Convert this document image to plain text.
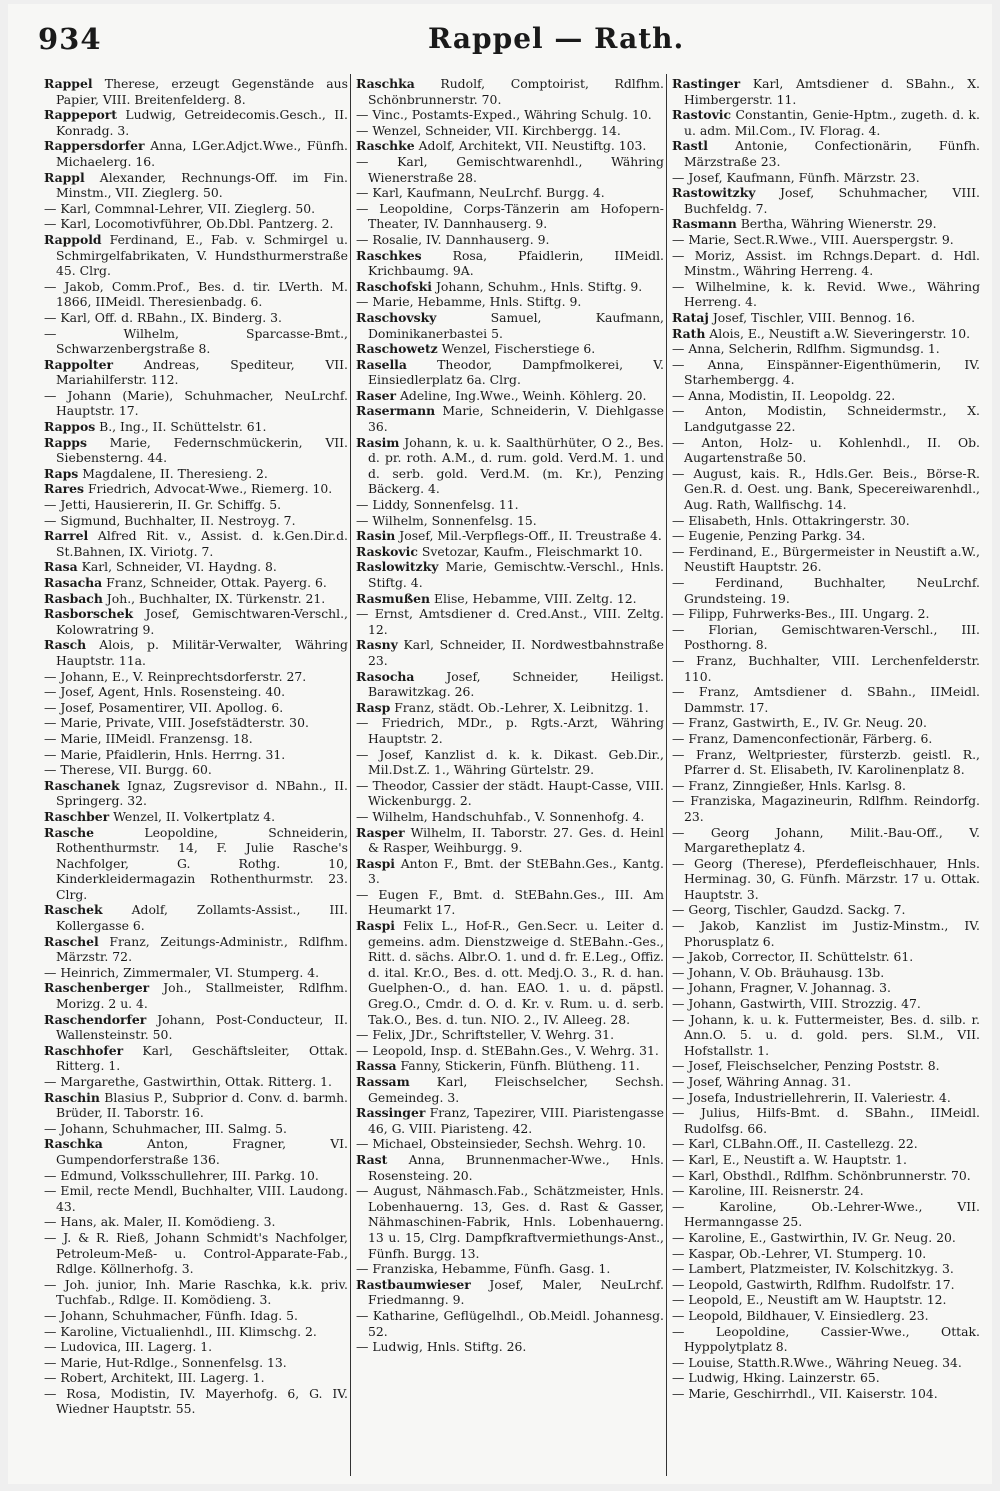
934	Rappel — Rath.

Rappel Therese, erzeugt Gegenstände aus Papier, VIII. Breitenfelderg. 8.

Rappeport Ludwig, Getreidecomis.Gesch., II. Konradg. 3.

Rappersdorfer Anna, LGer.Adjct.Wwe., Fünfh. Michaelerg. 16.

Rappl Alexander, Rechnungs-Off. im Fin. Minstm., VII. Zieglerg. 50.

— Karl, Commnal-Lehrer, VII. Zieglerg. 50.

— Karl, Locomotivführer, Ob.Dbl. Pantzerg. 2.

Rappold Ferdinand, E., Fab. v. Schmirgel u. Schmirgelfabrikaten, V. Hundsthurmerstraße 45. Clrg.

— Jakob, Comm.Prof., Bes. d. tir. LVerth. M. 1866, IIMeidl. Theresienbadg. 6.

— Karl, Off. d. RBahn., IX. Binderg. 3.

— Wilhelm, Sparcasse-Bmt., Schwarzenbergstraße 8.

Rappolter Andreas, Spediteur, VII. Mariahilferstr. 112.

— Johann (Marie), Schuhmacher, NeuLrchf. Hauptstr. 17.

Rappos B., Ing., II. Schüttelstr. 61.

Rapps Marie, Federnschmückerin, VII. Siebensterng. 44.

Raps Magdalene, II. Theresieng. 2.

Rares Friedrich, Advocat-Wwe., Riemerg. 10.

— Jetti, Hausiererin, II. Gr. Schiffg. 5.

— Sigmund, Buchhalter, II. Nestroyg. 7.

Rarrel Alfred Rit. v., Assist. d. k.Gen.Dir.d. St.Bahnen, IX. Viriotg. 7.

Rasa Karl, Schneider, VI. Haydng. 8.

Rasacha Franz, Schneider, Ottak. Payerg. 6.

Rasbach Joh., Buchhalter, IX. Türkenstr. 21.

Rasborschek Josef, Gemischtwaren-Verschl., Kolowratring 9.

Rasch Alois, p. Militär-Verwalter, Währing Hauptstr. 11a.

— Johann, E., V. Reinprechtsdorferstr. 27.

— Josef, Agent, Hnls. Rosensteing. 40.

— Josef, Posamentirer, VII. Apollog. 6.

— Marie, Private, VIII. Josefstädterstr. 30.

— Marie, IIMeidl. Franzensg. 18.

— Marie, Pfaidlerin, Hnls. Herrng. 31.

— Therese, VII. Burgg. 60.

Raschanek Ignaz, Zugsrevisor d. NBahn., II. Springerg. 32.

Raschber Wenzel, II. Volkertplatz 4.

Rasche	Leopoldine, Schneiderin, Rothenthurmstr. 14, F. Julie Rasche's Nachfolger, G. Rothg. 10, Kinderkleidermagazin Rothenthurmstr. 23. Clrg.

Raschek Adolf, Zollamts-Assist., III. Kollergasse 6.

Raschel Franz, Zeitungs-Administr., Rdlfhm. Märzstr. 72.

— Heinrich, Zimmermaler, VI. Stumperg. 4.

Raschenberger Joh., Stallmeister, Rdlfhm. Morizg. 2 u. 4.

Raschendorfer Johann, Post-Conducteur, II. Wallensteinstr. 50.

Raschhofer Karl, Geschäftsleiter, Ottak. Ritterg. 1.

— Margarethe, Gastwirthin, Ottak. Ritterg. 1.

Raschin Blasius P., Subprior d. Conv. d. barmh. Brüder, II. Taborstr. 16.

— Johann, Schuhmacher, III. Salmg. 5.

Raschka	Anton, Fragner, VI. Gumpendorferstraße 136.

— Edmund, Volksschullehrer, III. Parkg. 10.

— Emil, recte Mendl, Buchhalter, VIII. Laudong. 43.

— Hans, ak. Maler, II. Komödieng. 3.

— J. & R. Rieß, Johann Schmidt's Nachfolger, Petroleum-Meß- u. Control-Apparate-Fab., Rdlge. Köllnerhofg. 3.

— Joh. junior, Inh. Marie Raschka, k.k. priv. Tuchfab., Rdlge. II. Komödieng. 3.

— Johann, Schuhmacher, Fünfh. Idag. 5.

— Karoline, Victualienhdl., III. Klimschg. 2.

— Ludovica, III. Lagerg. 1.

— Marie, Hut-Rdlge., Sonnenfelsg. 13.

— Robert, Architekt, III. Lagerg. 1.

— Rosa, Modistin, IV. Mayerhofg. 6, G. IV. Wiedner Hauptstr. 55.

Raschka Rudolf, Comptoirist, Rdlfhm. Schönbrunnerstr. 70.

— Vinc., Postamts-Exped., Währing Schulg. 10.

— Wenzel, Schneider, VII. Kirchbergg. 14.

Raschke Adolf, Architekt, VII. Neustiftg. 103.

— Karl, Gemischtwarenhdl., Währing Wienerstraße 28.

— Karl, Kaufmann, NeuLrchf. Burgg. 4.

— Leopoldine, Corps-Tänzerin am Hofopern-Theater, IV. Dannhauserg. 9.

— Rosalie, IV. Dannhauserg. 9.

Raschkes	Rosa, Pfaidlerin, IIMeidl. Krichbaumg. 9A.

Raschofski Johann, Schuhm., Hnls. Stiftg. 9.

— Marie, Hebamme, Hnls. Stiftg. 9.

Raschovsky	Samuel, Kaufmann, Dominikanerbastei 5.

Raschowetz Wenzel, Fischerstiege 6.

Rasella Theodor, Dampfmolkerei, V. Einsiedlerplatz 6a. Clrg.

Raser Adeline, Ing.Wwe., Weinh. Köhlerg. 20.

Rasermann Marie, Schneiderin, V. Diehlgasse 36.

Rasim Johann, k. u. k. Saalthürhüter, O 2., Bes. d. pr. roth. A.M., d. rum. gold. Verd.M. 1. und d. serb. gold. Verd.M. (m. Kr.), Penzing Bäckerg. 4.

— Liddy, Sonnenfelsg. 11.

— Wilhelm, Sonnenfelsg. 15.

Rasin Josef, Mil.-Verpflegs-Off., II. Treustraße 4.

Raskovic Svetozar, Kaufm., Fleischmarkt 10.

Raslowitzky Marie, Gemischtw.-Verschl., Hnls. Stiftg. 4.

Rasmußen Elise, Hebamme, VIII. Zeltg. 12.

— Ernst, Amtsdiener d. Cred.Anst., VIII. Zeltg. 12.

Rasny Karl, Schneider, II. Nordwestbahnstraße 23.

Rasocha	Josef, Schneider, Heiligst. Barawitzkag. 26.

Rasp Franz, städt. Ob.-Lehrer, X. Leibnitzg. 1.

— Friedrich, MDr., p. Rgts.-Arzt, Währing Hauptstr. 2.

— Josef, Kanzlist d. k. k. Dikast. Geb.Dir., Mil.Dst.Z. 1., Währing Gürtelstr. 29.

— Theodor, Cassier der städt. Haupt-Casse, VIII. Wickenburgg. 2.

— Wilhelm, Handschuhfab., V. Sonnenhofg. 4.

Rasper Wilhelm, II. Taborstr. 27. Ges. d. Heinl & Rasper, Weihburgg. 9.

Raspi Anton F., Bmt. der StEBahn.Ges., Kantg. 3.

— Eugen F., Bmt. d. StEBahn.Ges., III. Am Heumarkt 17.

Raspi Felix L., Hof-R., Gen.Secr. u. Leiter d. gemeins. adm. Dienstzweige d. StEBahn.-Ges., Ritt. d. sächs. Albr.O. 1. und d. fr. E.Leg., Offiz. d. ital. Kr.O., Bes. d. ott. Medj.O. 3., R. d. han. Guelphen-O., d. han. EAO. 1. u. d. päpstl. Greg.O., Cmdr. d. O. d. Kr. v. Rum. u. d. serb. Tak.O., Bes. d. tun. NIO. 2., IV. Alleeg. 28.

— Felix, JDr., Schriftsteller, V. Wehrg. 31.

— Leopold, Insp. d. StEBahn.Ges., V. Wehrg. 31.

Rassa Fanny, Stickerin, Fünfh. Blütheng. 11.

Rassam Karl, Fleischselcher, Sechsh. Gemeindeg. 3.

Rassinger Franz, Tapezirer, VIII. Piaristengasse 46, G. VIII. Piaristeng. 42.

— Michael, Obsteinsieder, Sechsh. Wehrg. 10.

Rast Anna, Brunnenmacher-Wwe., Hnls. Rosensteing. 20.

— August, Nähmasch.Fab., Schätzmeister, Hnls. Lobenhauerng. 13, Ges. d. Rast & Gasser, Nähmaschinen-Fabrik, Hnls. Lobenhauerng. 13 u. 15, Clrg. Dampfkraftvermiethungs-Anst., Fünfh. Burgg. 13.

— Franziska, Hebamme, Fünfh. Gasg. 1.

Rastbaumwieser Josef, Maler, NeuLrchf. Friedmanng. 9.

— Katharine, Geflügelhdl., Ob.Meidl. Johannesg. 52.

— Ludwig, Hnls. Stiftg. 26.

Rastinger Karl, Amtsdiener d. SBahn., X. Himbergerstr. 11.

Rastovic Constantin, Genie-Hptm., zugeth. d. k. u. adm. Mil.Com., IV. Florag. 4.

Rastl Antonie, Confectionärin, Fünfh. Märzstraße 23.

— Josef, Kaufmann, Fünfh. Märzstr. 23.

Rastowitzky Josef, Schuhmacher, VIII. Buchfeldg. 7.

Rasmann Bertha, Währing Wienerstr. 29.

— Marie, Sect.R.Wwe., VIII. Auerspergstr. 9.

— Moriz, Assist. im Rchngs.Depart. d. Hdl. Minstm., Währing Herreng. 4.

— Wilhelmine, k. k. Revid. Wwe., Währing Herreng. 4.

Rataj Josef, Tischler, VIII. Bennog. 16.

Rath Alois, E., Neustift a.W. Sieveringerstr. 10.

— Anna, Selcherin, Rdlfhm. Sigmundsg. 1.

— Anna, Einspänner-Eigenthümerin, IV. Starhembergg. 4.

— Anna, Modistin, II. Leopoldg. 22.

— Anton, Modistin, Schneidermstr., X. Landgutgasse 22.

— Anton, Holz- u. Kohlenhdl., II. Ob. Augartenstraße 50.

— August, kais. R., Hdls.Ger. Beis., Börse-R. Gen.R. d. Oest. ung. Bank, Specereiwarenhdl., Aug. Rath, Wallfischg. 14.

— Elisabeth, Hnls. Ottakringerstr. 30.

— Eugenie, Penzing Parkg. 34.

— Ferdinand, E., Bürgermeister in Neustift a.W., Neustift Hauptstr. 26.

— Ferdinand, Buchhalter, NeuLrchf. Grundsteing. 19.

— Filipp, Fuhrwerks-Bes., III. Ungarg. 2.

— Florian, Gemischtwaren-Verschl., III. Posthorng. 8.

— Franz, Buchhalter, VIII. Lerchenfelderstr. 110.

— Franz, Amtsdiener d. SBahn., IIMeidl. Dammstr. 17.

— Franz, Gastwirth, E., IV. Gr. Neug. 20.

— Franz, Damenconfectionär, Färberg. 6.

— Franz, Weltpriester, fürsterzb. geistl. R., Pfarrer d. St. Elisabeth, IV. Karolinenplatz 8.

— Franz, Zinngießer, Hnls. Karlsg. 8.

— Franziska, Magazineurin, Rdlfhm. Reindorfg. 23.

— Georg Johann, Milit.-Bau-Off., V. Margaretheplatz 4.

— Georg (Therese), Pferdefleischhauer, Hnls. Herminag. 30, G. Fünfh. Märzstr. 17 u. Ottak. Hauptstr. 3.

— Georg, Tischler, Gaudzd. Sackg. 7.

— Jakob, Kanzlist im Justiz-Minstm., IV. Phorusplatz 6.

— Jakob, Corrector, II. Schüttelstr. 61.

— Johann, V. Ob. Bräuhausg. 13b.

— Johann, Fragner, V. Johannag. 3.

— Johann, Gastwirth, VIII. Strozzig. 47.

— Johann, k. u. k. Futtermeister, Bes. d. silb. r. Ann.O. 5. u. d. gold. pers. Sl.M., VII. Hofstallstr. 1.

— Josef, Fleischselcher, Penzing Poststr. 8.

— Josef, Währing Annag. 31.

— Josefa, Industriellehrerin, II. Valeriestr. 4.

— Julius, Hilfs-Bmt. d. SBahn., IIMeidl. Rudolfsg. 66.

— Karl, CLBahn.Off., II. Castellezg. 22.

— Karl, E., Neustift a. W. Hauptstr. 1.

— Karl, Obsthdl., Rdlfhm. Schönbrunnerstr. 70.

— Karoline, III. Reisnerstr. 24.

— Karoline, Ob.-Lehrer-Wwe., VII. Hermanngasse 25.

— Karoline, E., Gastwirthin, IV. Gr. Neug. 20.

— Kaspar, Ob.-Lehrer, VI. Stumperg. 10.

— Lambert, Platzmeister, IV. Kolschitzkyg. 3.

— Leopold, Gastwirth, Rdlfhm. Rudolfstr. 17.

— Leopold, E., Neustift am W. Hauptstr. 12.

— Leopold, Bildhauer, V. Einsiedlerg. 23.

— Leopoldine, Cassier-Wwe., Ottak. Hyppolytplatz 8.

— Louise, Statth.R.Wwe., Währing Neueg. 34.

— Ludwig, Hking. Lainzerstr. 65.

— Marie, Geschirrhdl., VII. Kaiserstr. 104.
